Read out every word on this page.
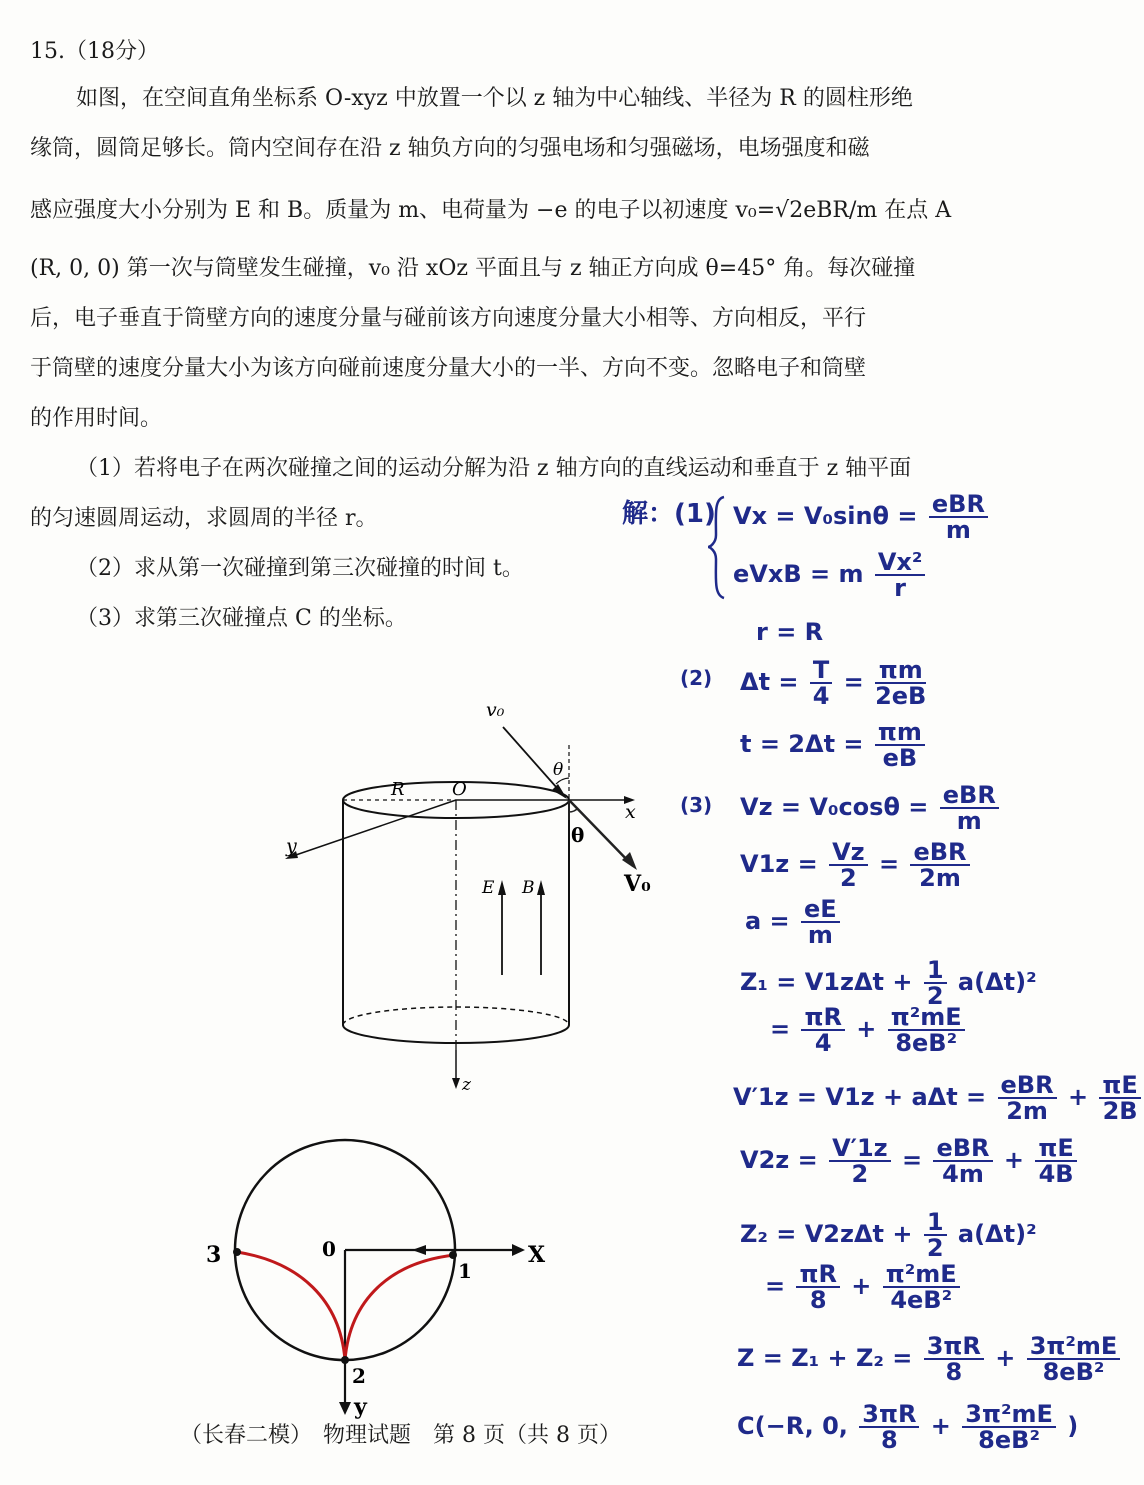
15.（18分）
如图，在空间直角坐标系 O-xyz 中放置一个以 z 轴为中心轴线、半径为 R 的圆柱形绝
缘筒，圆筒足够长。筒内空间存在沿 z 轴负方向的匀强电场和匀强磁场，电场强度和磁
感应强度大小分别为 E 和 B。质量为 m、电荷量为 −e 的电子以初速度 v₀=√2eBR/m 在点 A
(R, 0, 0) 第一次与筒壁发生碰撞，v₀ 沿 xOz 平面且与 z 轴正方向成 θ=45° 角。每次碰撞
后，电子垂直于筒壁方向的速度分量与碰前该方向速度分量大小相等、方向相反，平行
于筒壁的速度分量大小为该方向碰前速度分量大小的一半、方向不变。忽略电子和筒壁
的作用时间。
（1）若将电子在两次碰撞之间的运动分解为沿 z 轴方向的直线运动和垂直于 z 轴平面
的匀速圆周运动，求圆周的半径 r。
（2）求从第一次碰撞到第三次碰撞的时间 t。
（3）求第三次碰撞点 C 的坐标。
v₀
θ
R	O
x
y
z
E B
θ
V₀
3	0	X
1
2
y
解：(1) $Vx = V_0\sin\theta = \frac{\text{eBR}}{m}$
eVxB = m $\frac{\text{Vx²}}{r}$
r = R
(2) $\Delta t = \frac{T}{4} = \frac{\pi m}{2eB}$
$t = 2\Delta t = \frac{\pi m}{eB}$
(3) $Vz = V_0\cos\theta = \frac{\text{eBR}}{m}$
$V1z = \frac{Vz}{2} = \frac{\text{eBR}}{2m}$
$a = \frac{eE}{m}$
$Z_1 = V1z\Delta t + \frac{1}{2} a(\Delta t)^2$
= $\frac{\pi R}{4} + \frac{\text{π²mE}}{\text{8eB²}}$
$V'1z = V1z + a\Delta t = \frac{\text{eBR}}{2m} + \frac{\pi E}{2B}$
$V2z = \frac{V'1z}{2} = \frac{\text{eBR}}{4m} + \frac{\pi E}{4B}$
$Z_2 = V2z\Delta t + \frac{1}{2} a(\Delta t)^2$
= $\frac{\pi R}{8} + \frac{\text{π²mE}}{\text{4eB²}}$
$Z = Z_1 + Z_2 = \frac{3\pi R}{8} + \frac{\text{3π²mE}}{\text{8eB²}}$
C(−R, 0, $\frac{3\pi R}{8} + \frac{\text{3π²mE}}{\text{8eB²}}$ )
（长春二模）　物理试题　第 8 页（共 8 页）
